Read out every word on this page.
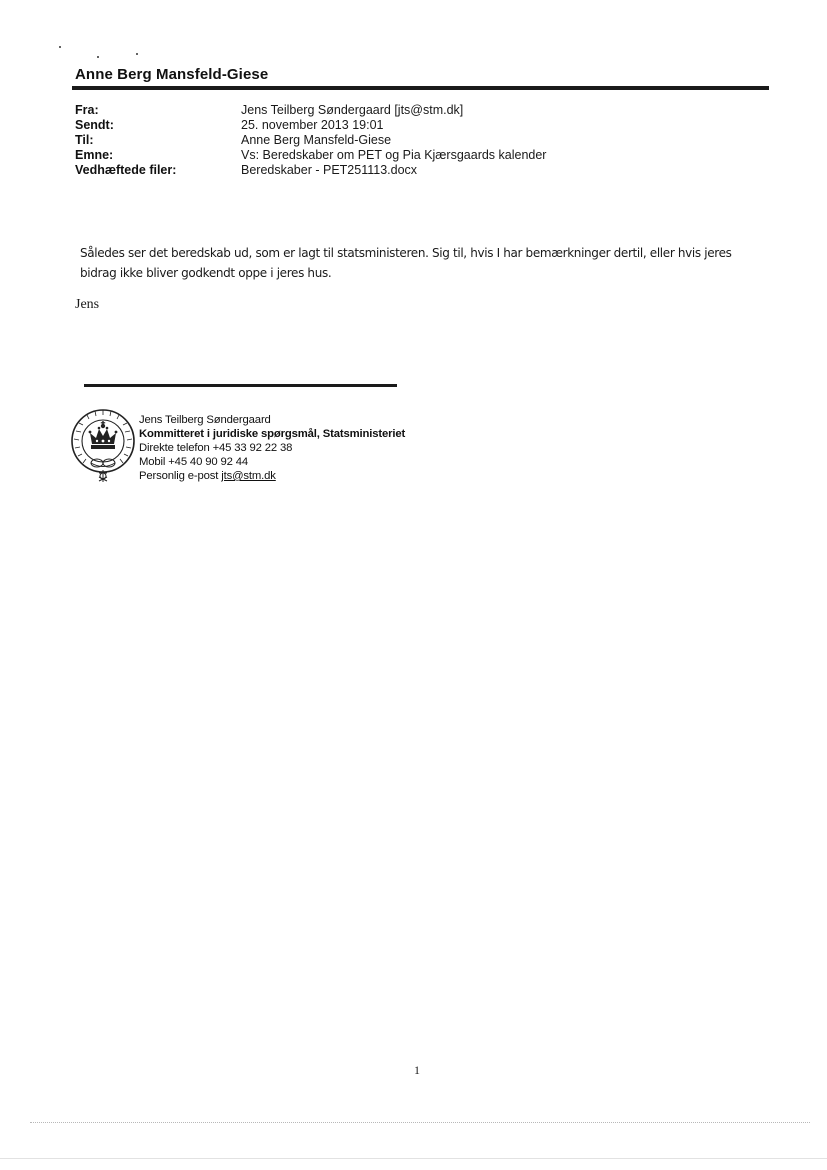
Anne Berg Mansfeld-Giese
Fra:	Jens Teilberg Søndergaard [jts@stm.dk]
Sendt:	25. november 2013 19:01
Til:	Anne Berg Mansfeld-Giese
Emne:	Vs: Beredskaber om PET og Pia Kjærsgaards kalender
Vedhæftede filer:	Beredskaber - PET251113.docx
Således ser det beredskab ud, som er lagt til statsministeren. Sig til, hvis I har bemærkninger dertil, eller hvis jeres bidrag ikke bliver godkendt oppe i jeres hus.
Jens
Jens Teilberg Søndergaard
Kommitteret i juridiske spørgsmål, Statsministeriet
Direkte telefon +45 33 92 22 38
Mobil +45 40 90 92 44
Personlig e-post jts@stm.dk
1
